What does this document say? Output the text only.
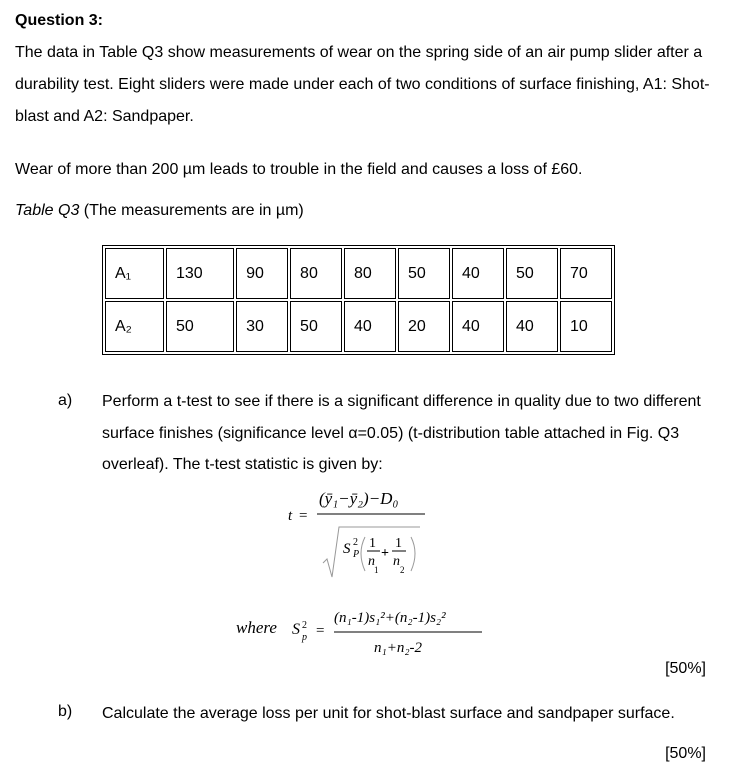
Question 3:
The data in Table Q3 show measurements of wear on the spring side of an air pump slider after a durability test. Eight sliders were made under each of two conditions of surface finishing, A1: Shot-blast and A2: Sandpaper.
Wear of more than 200 µm leads to trouble in the field and causes a loss of £60.
Table Q3 (The measurements are in µm)
A₁	130	90	80	80	50	40	50	70
A₂	50	30	50	40	20	40	40	10
a) Perform a t-test to see if there is a significant difference in quality due to two different surface finishes (significance level α=0.05) (t-distribution table attached in Fig. Q3 overleaf). The t-test statistic is given by:
t =
(ȳ₁−ȳ₂)−D₀
S 2
P
1
n
1
+
1
n
2
where S 2
p =
(n₁-1)s₁²+(n₂-1)s₂²
n₁+n₂-2
[50%]
b) Calculate the average loss per unit for shot-blast surface and sandpaper surface.
[50%]
